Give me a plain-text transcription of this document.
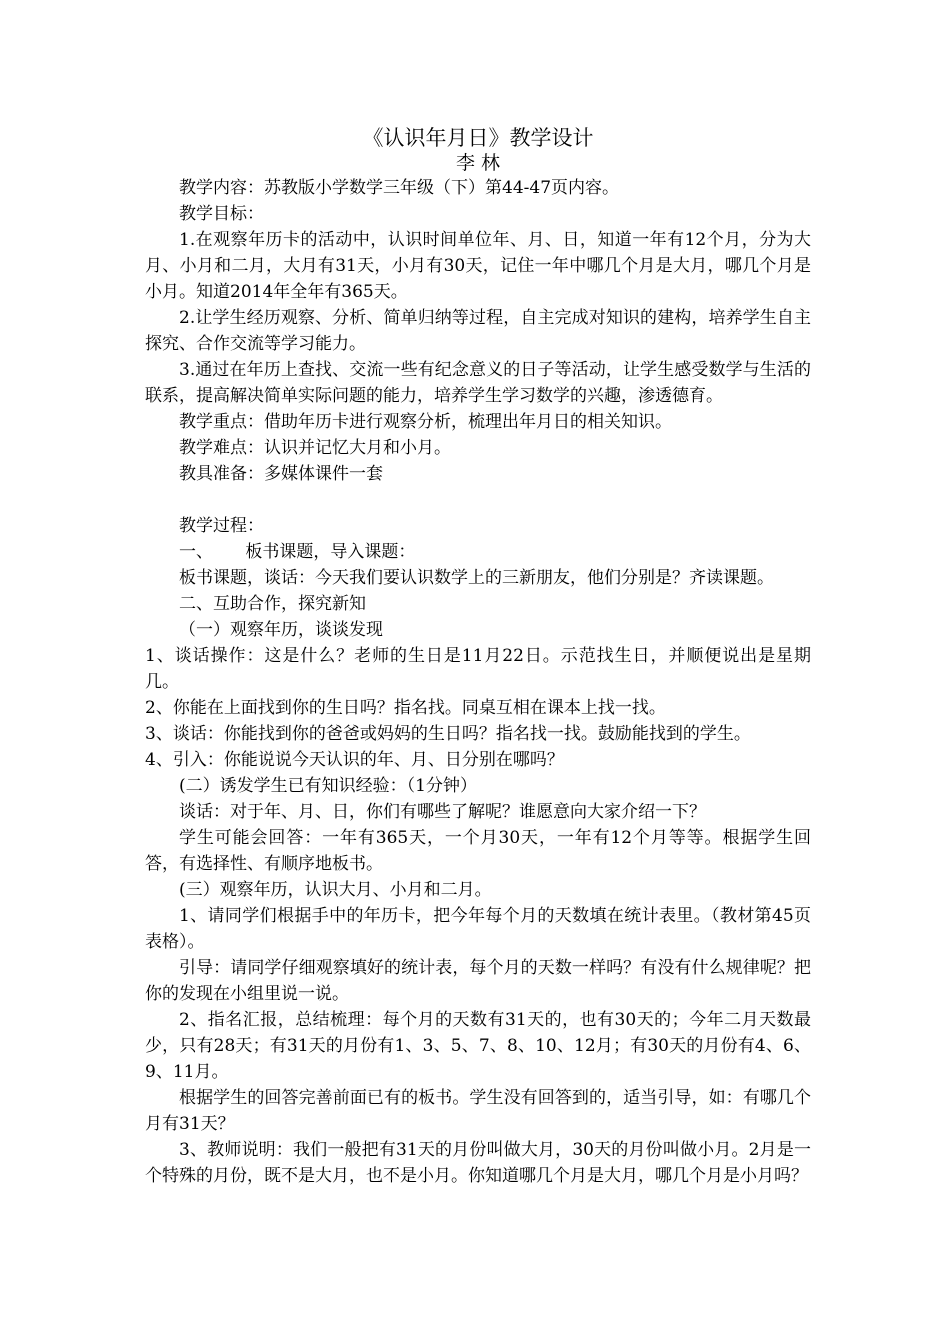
《认识年月日》教学设计

李 林

教学内容：苏教版小学数学三年级（下）第44-47页内容。

教学目标：

1.在观察年历卡的活动中，认识时间单位年、月、日，知道一年有12个月，分为大月、小月和二月，大月有31天，小月有30天，记住一年中哪几个月是大月，哪几个月是小月。知道2014年全年有365天。

2.让学生经历观察、分析、简单归纳等过程，自主完成对知识的建构，培养学生自主探究、合作交流等学习能力。

3.通过在年历上查找、交流一些有纪念意义的日子等活动，让学生感受数学与生活的联系，提高解决简单实际问题的能力，培养学生学习数学的兴趣，渗透德育。

教学重点：借助年历卡进行观察分析，梳理出年月日的相关知识。

教学难点：认识并记忆大月和小月。

教具准备：多媒体课件一套

教学过程：

一、      板书课题，导入课题：

板书课题，谈话：今天我们要认识数学上的三新朋友，他们分别是？齐读课题。

二、互助合作，探究新知

（一）观察年历，谈谈发现

1、谈话操作：这是什么？老师的生日是11月22日。示范找生日，并顺便说出是星期几。

2、你能在上面找到你的生日吗？指名找。同桌互相在课本上找一找。

3、谈话：你能找到你的爸爸或妈妈的生日吗？指名找一找。鼓励能找到的学生。

4、引入：你能说说今天认识的年、月、日分别在哪吗？

(二）诱发学生已有知识经验：（1分钟）

谈话：对于年、月、日，你们有哪些了解呢？谁愿意向大家介绍一下？

学生可能会回答：一年有365天，一个月30天，一年有12个月等等。根据学生回答，有选择性、有顺序地板书。

(三）观察年历，认识大月、小月和二月。

1、请同学们根据手中的年历卡，把今年每个月的天数填在统计表里。（教材第45页表格）。

引导：请同学仔细观察填好的统计表，每个月的天数一样吗？有没有什么规律呢？把你的发现在小组里说一说。

2、指名汇报，总结梳理：每个月的天数有31天的，也有30天的；今年二月天数最少，只有28天；有31天的月份有1、3、5、7、8、10、12月；有30天的月份有4、6、9、11月。

根据学生的回答完善前面已有的板书。学生没有回答到的，适当引导，如：有哪几个月有31天？

3、教师说明：我们一般把有31天的月份叫做大月，30天的月份叫做小月。2月是一个特殊的月份，既不是大月，也不是小月。你知道哪几个月是大月，哪几个月是小月吗？
